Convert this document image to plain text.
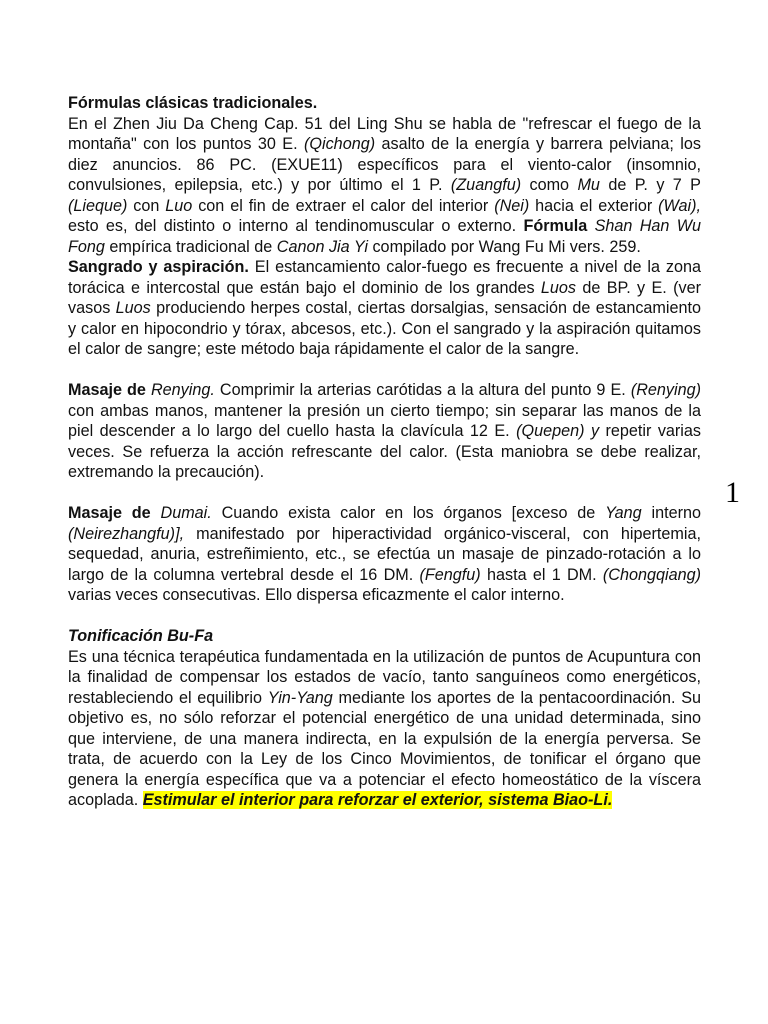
Fórmulas clásicas tradicionales.

En el Zhen Jiu Da Cheng Cap. 51 del Ling Shu se habla de "refrescar el fuego de la montaña" con los puntos 30 E. (Qichong) asalto de la energía y barrera pelviana; los diez anuncios. 86 PC. (EXUE11) específicos para el viento-calor (insomnio, convulsiones, epilepsia, etc.) y por último el 1 P. (Zuangfu) como Mu de P. y 7 P (Lieque) con Luo con el fin de extraer el calor del interior (Nei) hacia el exterior (Wai), esto es, del distinto o interno al tendinomuscular o externo. Fórmula Shan Han Wu Fong empírica tradicional de Canon Jia Yi compilado por Wang Fu Mi vers. 259.

Sangrado y aspiración. El estancamiento calor-fuego es frecuente a nivel de la zona torácica e intercostal que están bajo el dominio de los grandes Luos de BP. y E. (ver vasos Luos produciendo herpes costal, ciertas dorsalgias, sensación de estancamiento y calor en hipocondrio y tórax, abcesos, etc.). Con el sangrado y la aspiración quitamos el calor de sangre; este método baja rápidamente el calor de la sangre.

Masaje de Renying. Comprimir la arterias carótidas a la altura del punto 9 E. (Renying) con ambas manos, mantener la presión un cierto tiempo; sin separar las manos de la piel descender a lo largo del cuello hasta la clavícula 12 E. (Quepen) y repetir varias veces. Se refuerza la acción refrescante del calor. (Esta maniobra se debe realizar, extremando la precaución).

Masaje de Dumai. Cuando exista calor en los órganos [exceso de Yang interno (Neirezhangfu)], manifestado por hiperactividad orgánico-visceral, con hipertemia, sequedad, anuria, estreñimiento, etc., se efectúa un masaje de pinzado-rotación a lo largo de la columna vertebral desde el 16 DM. (Fengfu) hasta el 1 DM. (Chongqiang) varias veces consecutivas. Ello dispersa eficazmente el calor interno.

Tonificación Bu-Fa

Es una técnica terapéutica fundamentada en la utilización de puntos de Acupuntura con la finalidad de compensar los estados de vacío, tanto sanguíneos como energéticos, restableciendo el equilibrio Yin-Yang mediante los aportes de la pentacoordinación. Su objetivo es, no sólo reforzar el potencial energético de una unidad determinada, sino que interviene, de una manera indirecta, en la expulsión de la energía perversa. Se trata, de acuerdo con la Ley de los Cinco Movimientos, de tonificar el órgano que genera la energía específica que va a potenciar el efecto homeostático de la víscera acoplada. Estimular el interior para reforzar el exterior, sistema Biao-Li.

1
